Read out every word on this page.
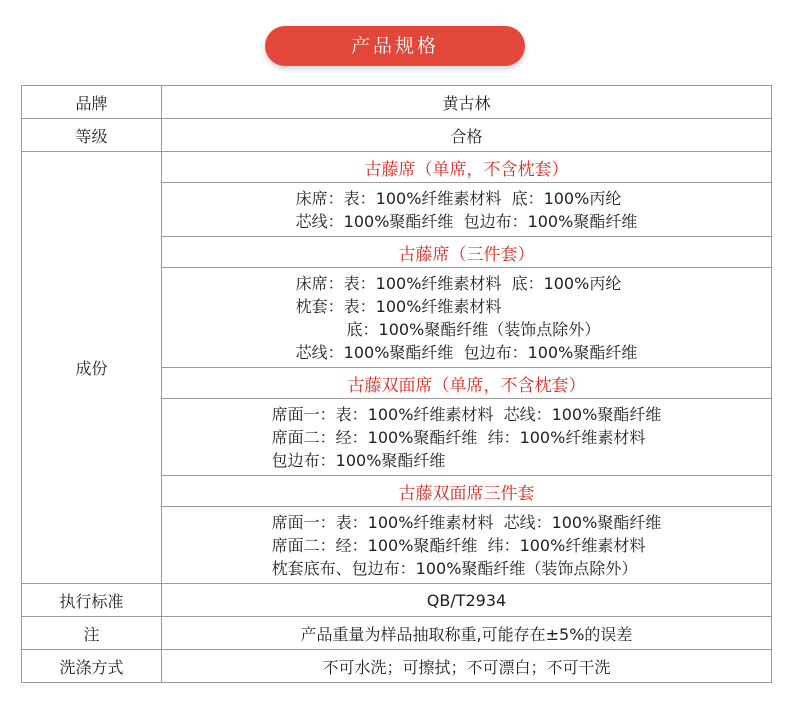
产品规格
品牌	黄古林
等级	合格
成份	古藤席（单席，不含枕套）

	床席：表：100%纤维素材料  底：100%丙纶
芯线：100%聚酯纤维  包边布：100%聚酯纤维

	古藤席（三件套）

	床席：表：100%纤维素材料  底：100%丙纶
枕套：表：100%纤维素材料
底：100%聚酯纤维（装饰点除外）
芯线：100%聚酯纤维  包边布：100%聚酯纤维

	古藤双面席（单席，不含枕套）

	席面一：表：100%纤维素材料  芯线：100%聚酯纤维
席面二：经：100%聚酯纤维  纬：100%纤维素材料
包边布：100%聚酯纤维

	古藤双面席三件套

	席面一：表：100%纤维素材料  芯线：100%聚酯纤维
席面二：经：100%聚酯纤维  纬：100%纤维素材料
枕套底布、包边布：100%聚酯纤维（装饰点除外）

执行标准	QB/T2934
注	产品重量为样品抽取称重,可能存在±5%的误差
洗涤方式	不可水洗；可擦拭；不可漂白；不可干洗
